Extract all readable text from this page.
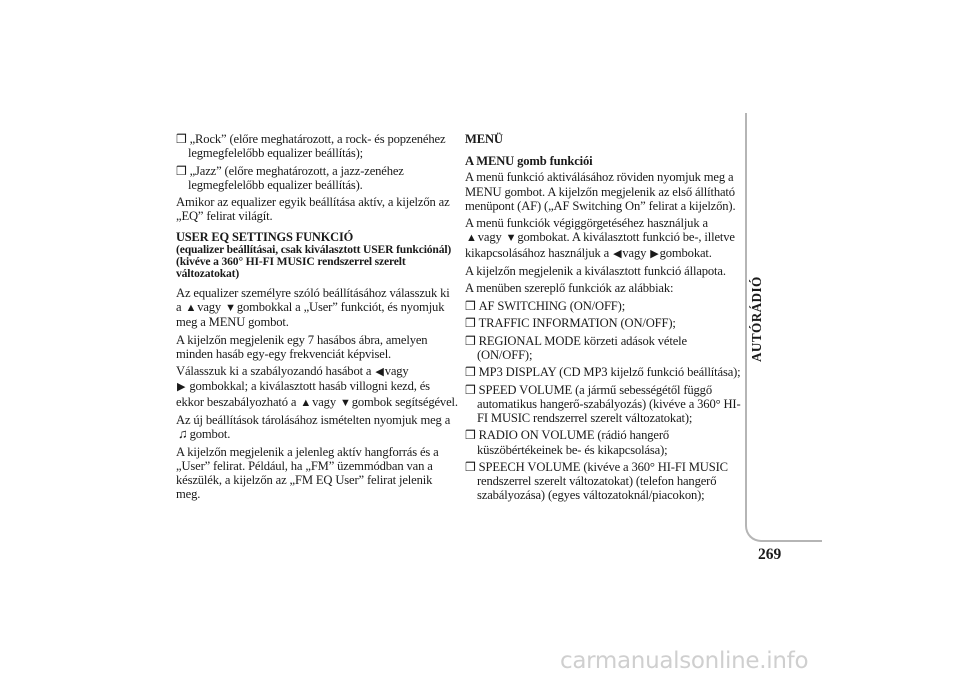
❒ „Rock” (előre meghatározott, a rock- és popzenéhez legmegfelelőbb equalizer beállítás);
❒ „Jazz” (előre meghatározott, a jazz-zenéhez legmegfelelőbb equalizer beállítás).

Amikor az equalizer egyik beállítása aktív, a kijelzőn az „EQ” felirat világít.

USER EQ SETTINGS FUNKCIÓ
(equalizer beállításai, csak kiválasztott USER funkciónál)
(kivéve a 360° HI-FI MUSIC rendszerrel szerelt változatokat)

Az equalizer személyre szóló beállításához válasszuk ki a ▲vagy ▼gombokkal a „User” funkciót, és nyomjuk meg a MENU gombot.

A kijelzőn megjelenik egy 7 hasábos ábra, amelyen minden hasáb egy-egy frekvenciát képvisel.

Válasszuk ki a szabályozandó hasábot a ◀vagy
▶ gombokkal; a kiválasztott hasáb villogni kezd, és ekkor beszabályozható a ▲vagy ▼gombok segítségével.

Az új beállítások tárolásához ismételten nyomjuk meg a
♫ gombot.

A kijelzőn megjelenik a jelenleg aktív hangforrás és a „User” felirat. Például, ha „FM” üzemmódban van a készülék, a kijelzőn az „FM EQ User” felirat jelenik meg.

MENÜ

A MENU gomb funkciói

A menü funkció aktiválásához röviden nyomjuk meg a MENU gombot. A kijelzőn megjelenik az első állítható menüpont (AF) („AF Switching On” felirat a kijelzőn).

A menü funkciók végiggörgetéséhez használjuk a
▲vagy ▼gombokat. A kiválasztott funkció be-, illetve kikapcsolásához használjuk a ◀vagy ▶gombokat.

A kijelzőn megjelenik a kiválasztott funkció állapota.

A menüben szereplő funkciók az alábbiak:

❒ AF SWITCHING (ON/OFF);
❒ TRAFFIC INFORMATION (ON/OFF);
❒ REGIONAL MODE körzeti adások vétele (ON/OFF);
❒ MP3 DISPLAY (CD MP3 kijelző funkció beállítása);
❒ SPEED VOLUME (a jármű sebességétől függő automatikus hangerő-szabályozás) (kivéve a 360° HI-FI MUSIC rendszerrel szerelt változatokat);
❒ RADIO ON VOLUME (rádió hangerő küszöbértékeinek be- és kikapcsolása);
❒ SPEECH VOLUME (kivéve a 360° HI-FI MUSIC rendszerrel szerelt változatokat) (telefon hangerő szabályozása) (egyes változatoknál/piacokon);
AUTÓRÁDIÓ
269
carmanualsonline.info
